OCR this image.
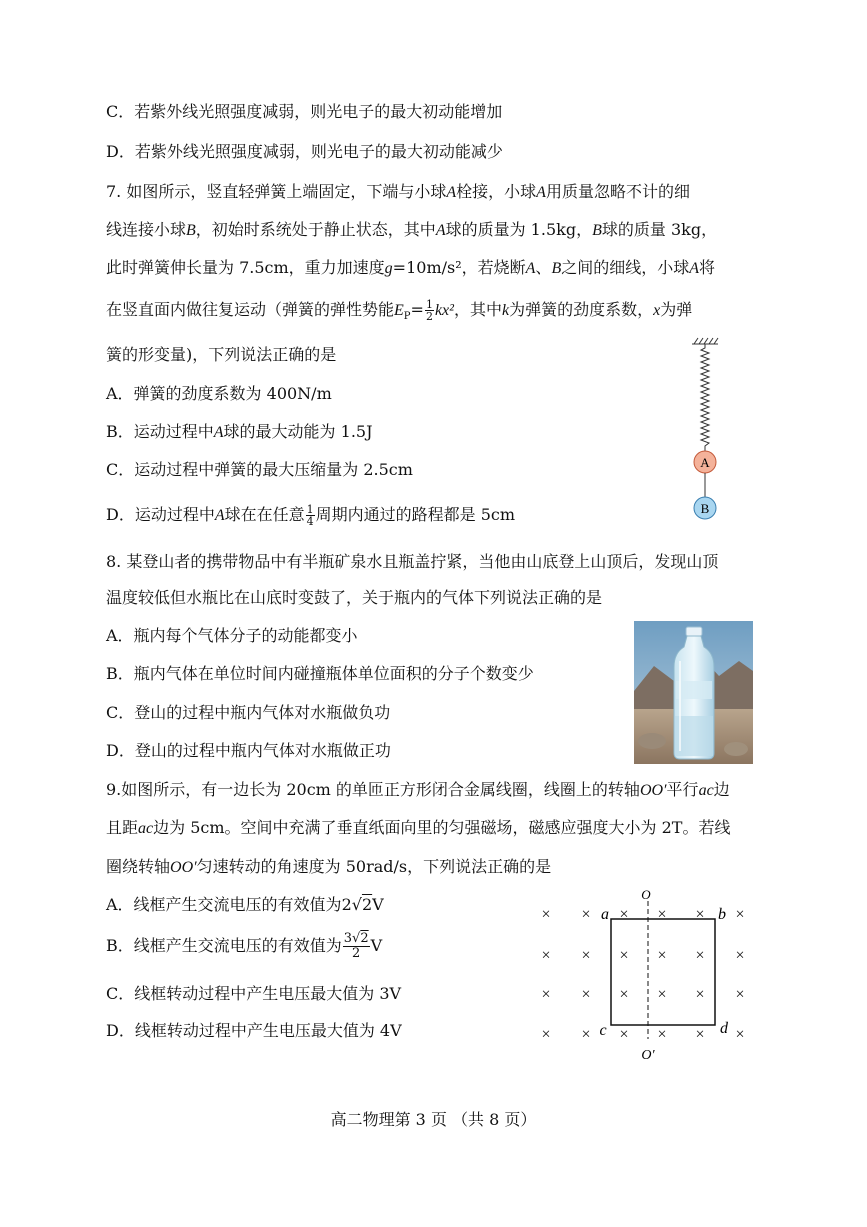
C．若紫外线光照强度减弱，则光电子的最大初动能增加
D．若紫外线光照强度减弱，则光电子的最大初动能减少
7. 如图所示，竖直轻弹簧上端固定，下端与小球A栓接，小球A用质量忽略不计的细
线连接小球B，初始时系统处于静止状态，其中A球的质量为 1.5kg，B球的质量 3kg，
此时弹簧伸长量为 7.5cm，重力加速度g=10m/s²，若烧断A、B之间的细线，小球A将
在竖直面内做往复运动（弹簧的弹性势能$E_P= \frac{1}{2} kx^2$，其中k为弹簧的劲度系数，x为弹
簧的形变量)，下列说法正确的是
A．弹簧的劲度系数为 400N/m
B．运动过程中A球的最大动能为 1.5J
C．运动过程中弹簧的最大压缩量为 2.5cm
D．运动过程中A球在在任意 $\frac{1}{4}$ 周期内通过的路程都是 5cm
A
B
8. 某登山者的携带物品中有半瓶矿泉水且瓶盖拧紧，当他由山底登上山顶后，发现山顶
温度较低但水瓶比在山底时变鼓了，关于瓶内的气体下列说法正确的是
A．瓶内每个气体分子的动能都变小
B．瓶内气体在单位时间内碰撞瓶体单位面积的分子个数变少
C．登山的过程中瓶内气体对水瓶做负功
D．登山的过程中瓶内气体对水瓶做正功
9.如图所示，有一边长为 20cm 的单匝正方形闭合金属线圈，线圈上的转轴OO′平行ac边
且距ac边为 5cm。空间中充满了垂直纸面向里的匀强磁场，磁感应强度大小为 2T。若线
圈绕转轴OO′匀速转动的角速度为 50rad/s，下列说法正确的是
A．线框产生交流电压的有效值为2√2V
B．线框产生交流电压的有效值为 $\frac{3√2}{2}$ V
C．线框转动过程中产生电压最大值为 3V
D．线框转动过程中产生电压最大值为 4V
× × × × × ×
× × × × × ×
× × × × × ×
× × × × × ×
O
O′
a	b
c	d
高二物理第 3 页 （共 8 页）
